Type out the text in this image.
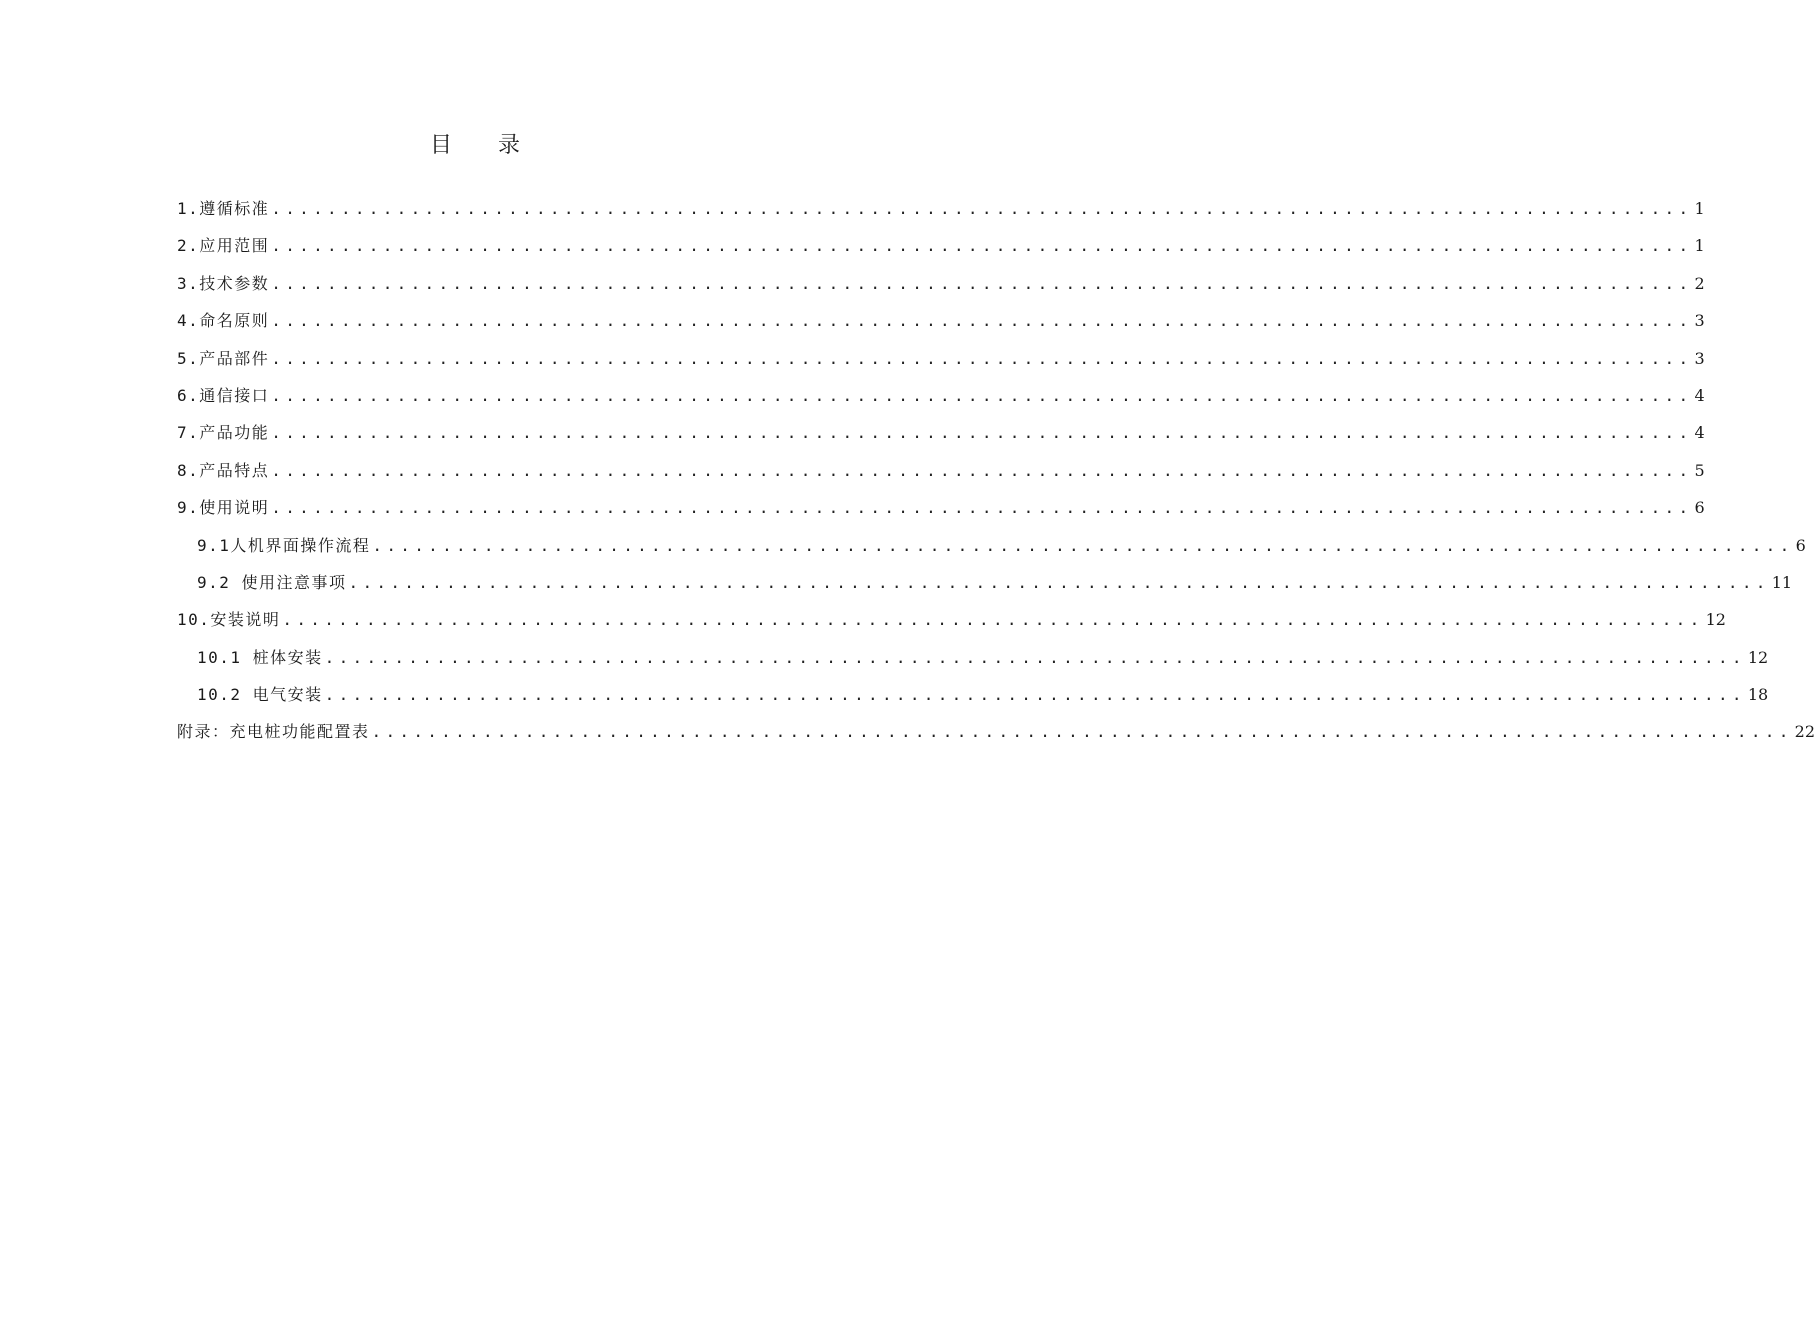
目 录
1.遵循标准 ...................................................................................................... 1
2.应用范围 ...................................................................................................... 1
3.技术参数 ...................................................................................................... 2
4.命名原则 ...................................................................................................... 3
5.产品部件 ...................................................................................................... 3
6.通信接口 ...................................................................................................... 4
7.产品功能 ...................................................................................................... 4
8.产品特点 ...................................................................................................... 5
9.使用说明 ...................................................................................................... 6
9.1人机界面操作流程 ...................................................................................................... 6
9.2 使用注意事项 ...................................................................................................... 11
10.安装说明 ...................................................................................................... 12
10.1 桩体安装 ...................................................................................................... 12
10.2 电气安装 ...................................................................................................... 18
附录：充电桩功能配置表 ...................................................................................................... 22
